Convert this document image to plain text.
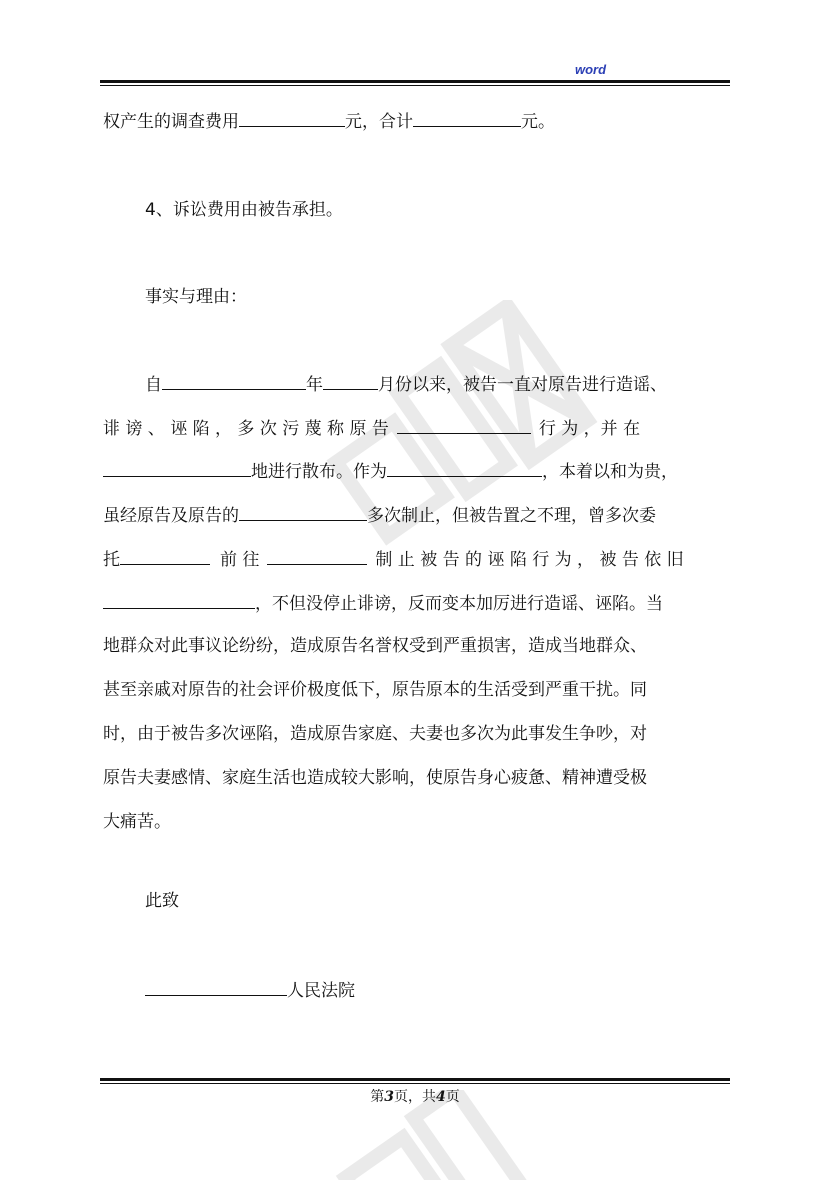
word
权产生的调查费用	元，合计	元。
4、诉讼费用由被告承担。
事实与理由：
自	年	月份以来，被告一直对原告进行造谣、
诽 谤 、 诬 陷 ， 多 次 污 蔑 称 原 告	行 为 ，并 在
地进行散布。作为	，本着以和为贵，
虽经原告及原告的	多次制止，但被告置之不理，曾多次委
托	前 往	制 止 被 告 的 诬 陷 行 为 ， 被 告 依 旧
，不但没停止诽谤，反而变本加厉进行造谣、诬陷。当
地群众对此事议论纷纷，造成原告名誉权受到严重损害，造成当地群众、
甚至亲戚对原告的社会评价极度低下，原告原本的生活受到严重干扰。同
时，由于被告多次诬陷，造成原告家庭、夫妻也多次为此事发生争吵，对
原告夫妻感情、家庭生活也造成较大影响，使原告身心疲惫、精神遭受极
大痛苦。
此致
人民法院
第3页，共4页
